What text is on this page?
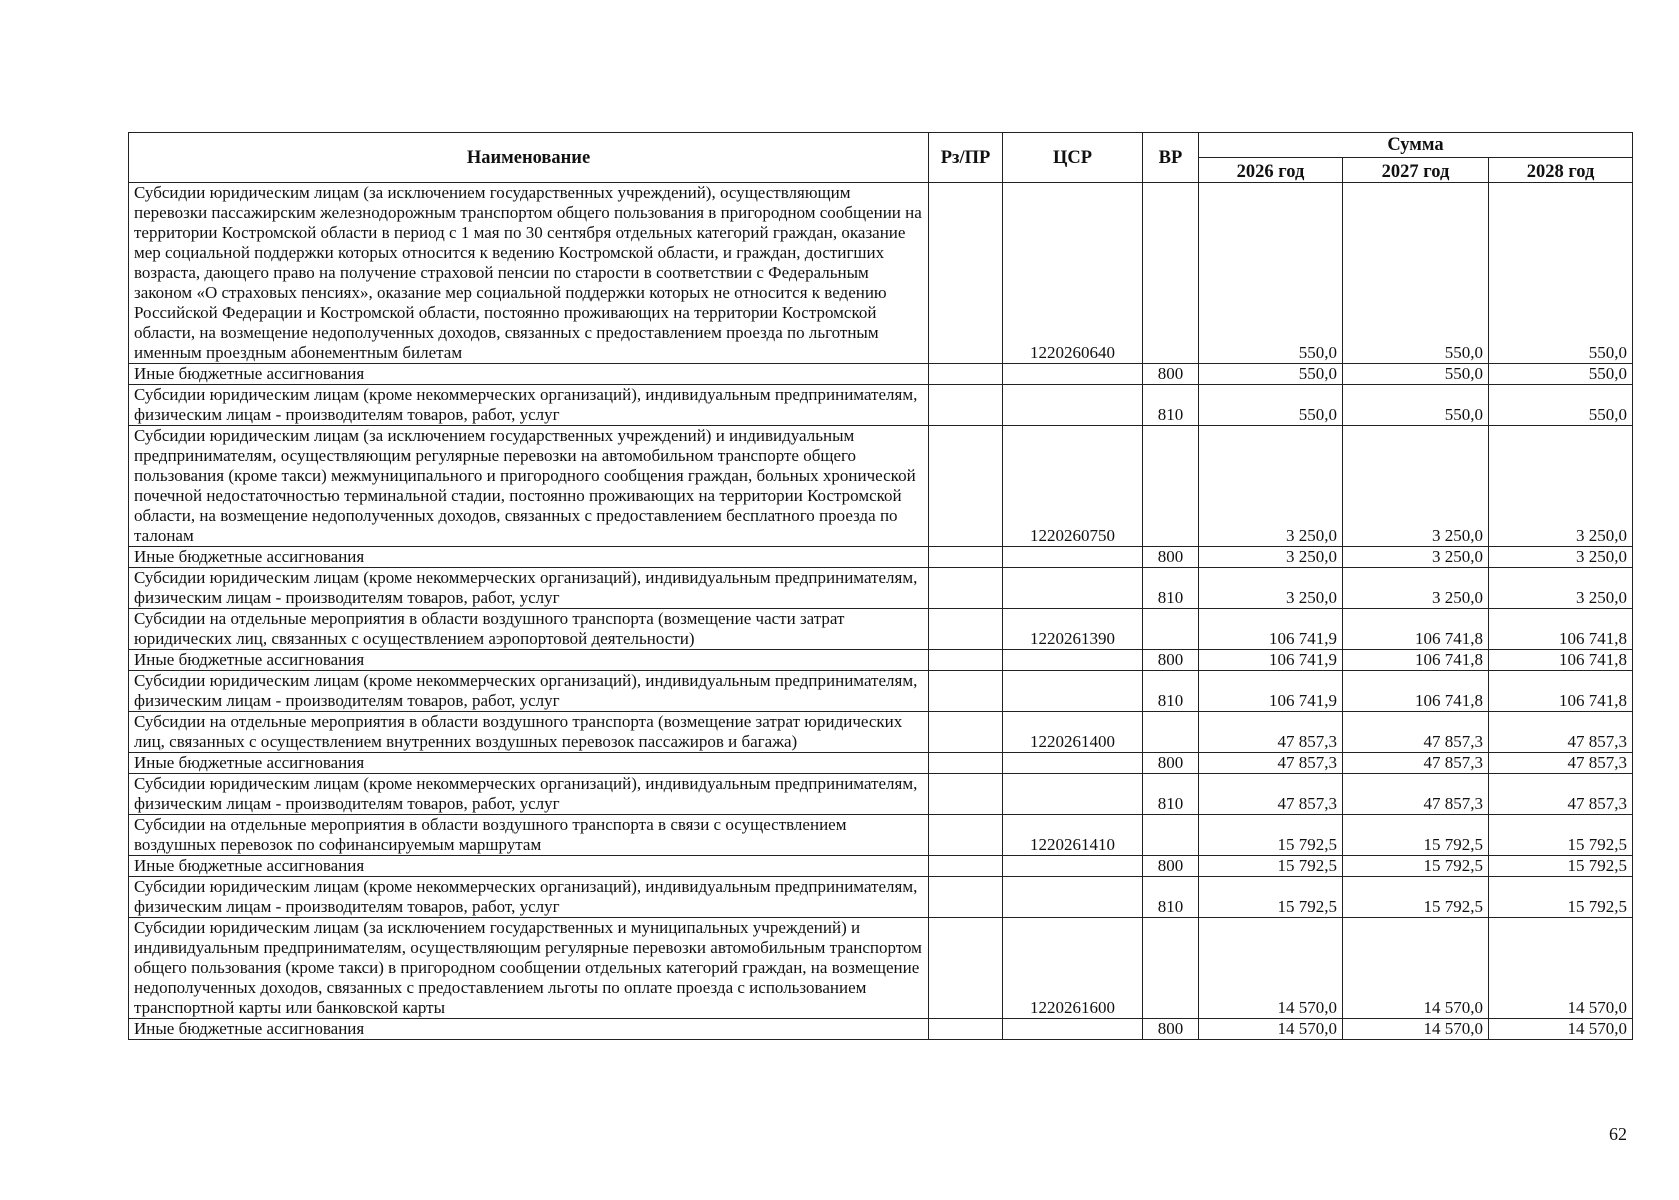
Наименование	Рз/ПР	ЦСР	ВР	Сумма		
				2026 год	2027 год	2028 год
Субсидии юридическим лицам (за исключением государственных учреждений), осуществляющим перевозки пассажирским железнодорожным транспортом общего пользования в пригородном сообщении на территории Костромской области в период с 1 мая по 30 сентября отдельных категорий граждан, оказание мер социальной поддержки которых относится к ведению Костромской области, и граждан, достигших возраста, дающего право на получение страховой пенсии по старости в соответствии с Федеральным законом «О страховых пенсиях», оказание мер социальной поддержки которых не относится к ведению Российской Федерации и Костромской области, постоянно проживающих на территории Костромской области, на возмещение недополученных доходов, связанных с предоставлением проезда по льготным именным проездным абонементным билетам		1220260640		550,0	550,0	550,0
Иные бюджетные ассигнования			800	550,0	550,0	550,0
Субсидии юридическим лицам (кроме некоммерческих организаций), индивидуальным предпринимателям, физическим лицам - производителям товаров, работ, услуг			810	550,0	550,0	550,0
Субсидии юридическим лицам (за исключением государственных учреждений) и индивидуальным предпринимателям, осуществляющим регулярные перевозки на автомобильном транспорте общего пользования (кроме такси) межмуниципального и пригородного сообщения граждан, больных хронической почечной недостаточностью терминальной стадии, постоянно проживающих на территории Костромской области, на возмещение недополученных доходов, связанных с предоставлением бесплатного проезда по талонам		1220260750		3 250,0	3 250,0	3 250,0
Иные бюджетные ассигнования			800	3 250,0	3 250,0	3 250,0
Субсидии юридическим лицам (кроме некоммерческих организаций), индивидуальным предпринимателям, физическим лицам - производителям товаров, работ, услуг			810	3 250,0	3 250,0	3 250,0
Субсидии на отдельные мероприятия в области воздушного транспорта (возмещение части затрат юридических лиц, связанных с осуществлением аэропортовой деятельности)		1220261390		106 741,9	106 741,8	106 741,8
Иные бюджетные ассигнования			800	106 741,9	106 741,8	106 741,8
Субсидии юридическим лицам (кроме некоммерческих организаций), индивидуальным предпринимателям, физическим лицам - производителям товаров, работ, услуг			810	106 741,9	106 741,8	106 741,8
Субсидии на отдельные мероприятия в области воздушного транспорта (возмещение затрат юридических лиц, связанных с осуществлением внутренних воздушных перевозок пассажиров и багажа)		1220261400		47 857,3	47 857,3	47 857,3
Иные бюджетные ассигнования			800	47 857,3	47 857,3	47 857,3
Субсидии юридическим лицам (кроме некоммерческих организаций), индивидуальным предпринимателям, физическим лицам - производителям товаров, работ, услуг			810	47 857,3	47 857,3	47 857,3
Субсидии на отдельные мероприятия в области воздушного транспорта в связи с осуществлением воздушных перевозок по софинансируемым маршрутам		1220261410		15 792,5	15 792,5	15 792,5
Иные бюджетные ассигнования			800	15 792,5	15 792,5	15 792,5
Субсидии юридическим лицам (кроме некоммерческих организаций), индивидуальным предпринимателям, физическим лицам - производителям товаров, работ, услуг			810	15 792,5	15 792,5	15 792,5
Субсидии юридическим лицам (за исключением государственных и муниципальных учреждений) и индивидуальным предпринимателям, осуществляющим регулярные перевозки автомобильным транспортом общего пользования (кроме такси) в пригородном сообщении отдельных категорий граждан, на возмещение недополученных доходов, связанных с предоставлением льготы по оплате проезда с использованием транспортной карты или банковской карты		1220261600		14 570,0	14 570,0	14 570,0
Иные бюджетные ассигнования			800	14 570,0	14 570,0	14 570,0
62
